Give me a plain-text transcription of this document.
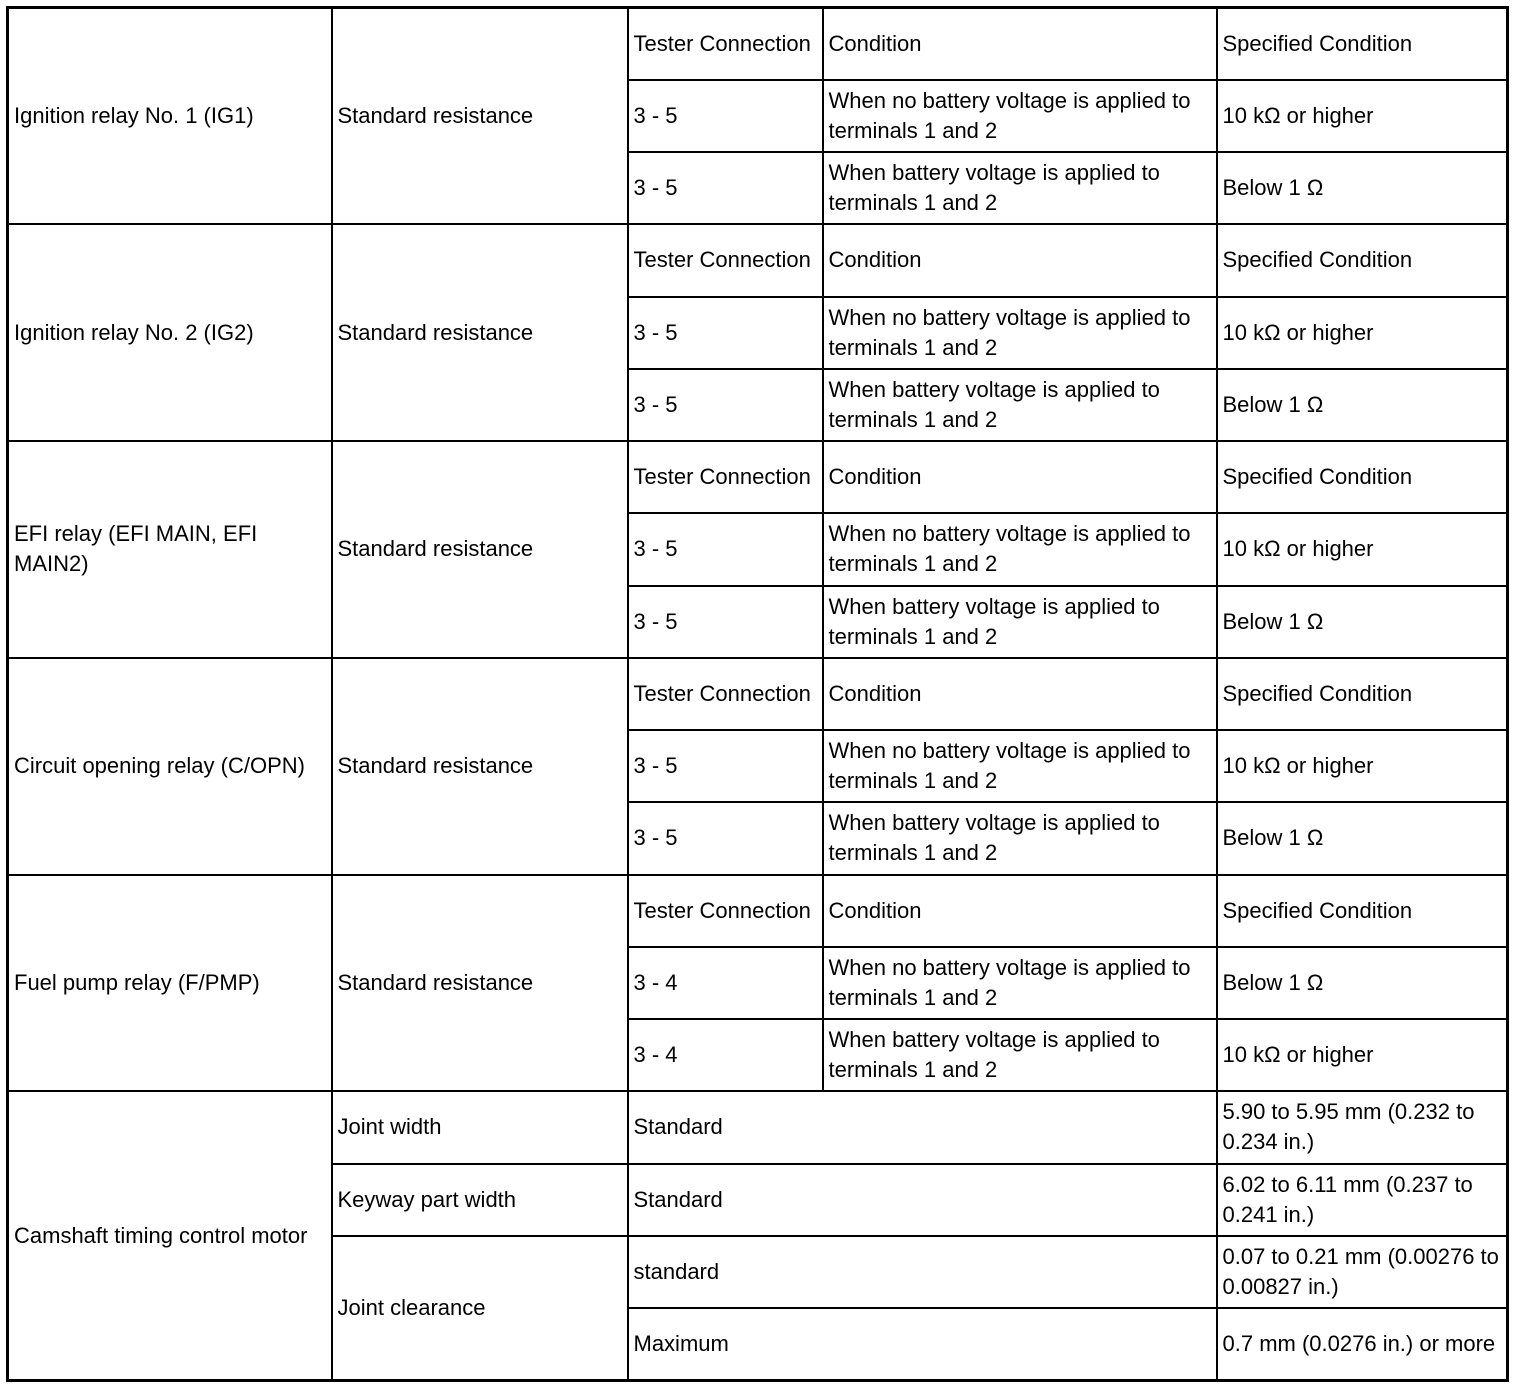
Ignition relay No. 1 (IG1)	Standard resistance	Tester Connection	Condition	Specified Condition
		3 - 5	When no battery voltage is applied to terminals 1 and 2	10 kΩ or higher
		3 - 5	When battery voltage is applied to terminals 1 and 2	Below 1 Ω
Ignition relay No. 2 (IG2)	Standard resistance	Tester Connection	Condition	Specified Condition
		3 - 5	When no battery voltage is applied to terminals 1 and 2	10 kΩ or higher
		3 - 5	When battery voltage is applied to terminals 1 and 2	Below 1 Ω
EFI relay (EFI MAIN, EFI MAIN2)	Standard resistance	Tester Connection	Condition	Specified Condition
		3 - 5	When no battery voltage is applied to terminals 1 and 2	10 kΩ or higher
		3 - 5	When battery voltage is applied to terminals 1 and 2	Below 1 Ω
Circuit opening relay (C/OPN)	Standard resistance	Tester Connection	Condition	Specified Condition
		3 - 5	When no battery voltage is applied to terminals 1 and 2	10 kΩ or higher
		3 - 5	When battery voltage is applied to terminals 1 and 2	Below 1 Ω
Fuel pump relay (F/PMP)	Standard resistance	Tester Connection	Condition	Specified Condition
		3 - 4	When no battery voltage is applied to terminals 1 and 2	Below 1 Ω
		3 - 4	When battery voltage is applied to terminals 1 and 2	10 kΩ or higher
Camshaft timing control motor	Joint width	Standard		5.90 to 5.95 mm (0.232 to 0.234 in.)
	Keyway part width	Standard		6.02 to 6.11 mm (0.237 to 0.241 in.)
	Joint clearance	standard		0.07 to 0.21 mm (0.00276 to 0.00827 in.)
		Maximum		0.7 mm (0.0276 in.) or more
